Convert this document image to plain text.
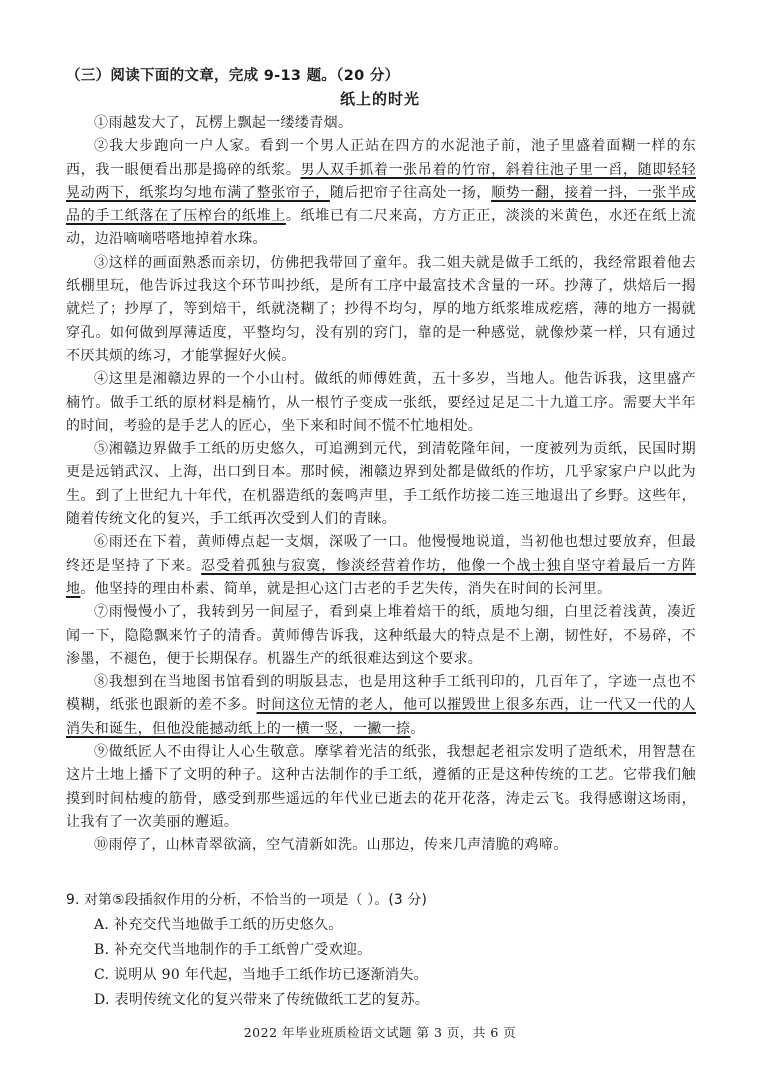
（三）阅读下面的文章，完成 9-13 题。（20 分）
纸上的时光

①雨越发大了，瓦楞上飘起一缕缕青烟。

②我大步跑向一户人家。看到一个男人正站在四方的水泥池子前，池子里盛着面糊一样的东西，我一眼便看出那是捣碎的纸浆。男人双手抓着一张吊着的竹帘，斜着往池子里一舀，随即轻轻晃动两下，纸浆均匀地布满了整张帘子，随后把帘子往高处一扬，顺势一翻，接着一抖，一张半成品的手工纸落在了压榨台的纸堆上。纸堆已有二尺来高，方方正正，淡淡的米黄色，水还在纸上流动，边沿嘀嘀嗒嗒地掉着水珠。

③这样的画面熟悉而亲切，仿佛把我带回了童年。我二姐夫就是做手工纸的，我经常跟着他去纸棚里玩，他告诉过我这个环节叫抄纸，是所有工序中最富技术含量的一环。抄薄了，烘焙后一揭就烂了；抄厚了，等到焙干，纸就浇糊了；抄得不均匀，厚的地方纸浆堆成疙瘩，薄的地方一揭就穿孔。如何做到厚薄适度，平整均匀，没有别的窍门，靠的是一种感觉，就像炒菜一样，只有通过不厌其烦的练习，才能掌握好火候。

④这里是湘赣边界的一个小山村。做纸的师傅姓黄，五十多岁，当地人。他告诉我，这里盛产楠竹。做手工纸的原材料是楠竹，从一根竹子变成一张纸，要经过足足二十九道工序。需要大半年的时间，考验的是手艺人的匠心，坐下来和时间不慌不忙地相处。

⑤湘赣边界做手工纸的历史悠久，可追溯到元代，到清乾隆年间，一度被列为贡纸，民国时期更是远销武汉、上海，出口到日本。那时候，湘赣边界到处都是做纸的作坊，几乎家家户户以此为生。到了上世纪九十年代，在机器造纸的轰鸣声里，手工纸作坊接二连三地退出了乡野。这些年，随着传统文化的复兴，手工纸再次受到人们的青睐。

⑥雨还在下着，黄师傅点起一支烟，深吸了一口。他慢慢地说道，当初他也想过要放弃，但最终还是坚持了下来。忍受着孤独与寂寞，惨淡经营着作坊，他像一个战士独自坚守着最后一方阵地。他坚持的理由朴素、简单，就是担心这门古老的手艺失传，消失在时间的长河里。

⑦雨慢慢小了，我转到另一间屋子，看到桌上堆着焙干的纸，质地匀细，白里泛着浅黄，凑近闻一下，隐隐飘来竹子的清香。黄师傅告诉我，这种纸最大的特点是不上潮，韧性好，不易碎，不渗墨，不褪色，便于长期保存。机器生产的纸很难达到这个要求。

⑧我想到在当地图书馆看到的明版县志，也是用这种手工纸刊印的，几百年了，字迹一点也不模糊，纸张也跟新的差不多。时间这位无情的老人，他可以摧毁世上很多东西，让一代又一代的人消失和诞生，但他没能撼动纸上的一横一竖，一撇一捺。

⑨做纸匠人不由得让人心生敬意。摩挲着光洁的纸张，我想起老祖宗发明了造纸术，用智慧在这片土地上播下了文明的种子。这种古法制作的手工纸，遵循的正是这种传统的工艺。它带我们触摸到时间枯瘦的筋骨，感受到那些遥远的年代业已逝去的花开花落，涛走云飞。我得感谢这场雨，让我有了一次美丽的邂逅。

⑩雨停了，山林青翠欲滴，空气清新如洗。山那边，传来几声清脆的鸡啼。

9. 对第⑤段插叙作用的分析，不恰当的一项是（ ）。(3 分)
A. 补充交代当地做手工纸的历史悠久。
B. 补充交代当地制作的手工纸曾广受欢迎。
C. 说明从 90 年代起，当地手工纸作坊已逐渐消失。
D. 表明传统文化的复兴带来了传统做纸工艺的复苏。
2022 年毕业班质检语文试题 第 3 页，共 6 页
